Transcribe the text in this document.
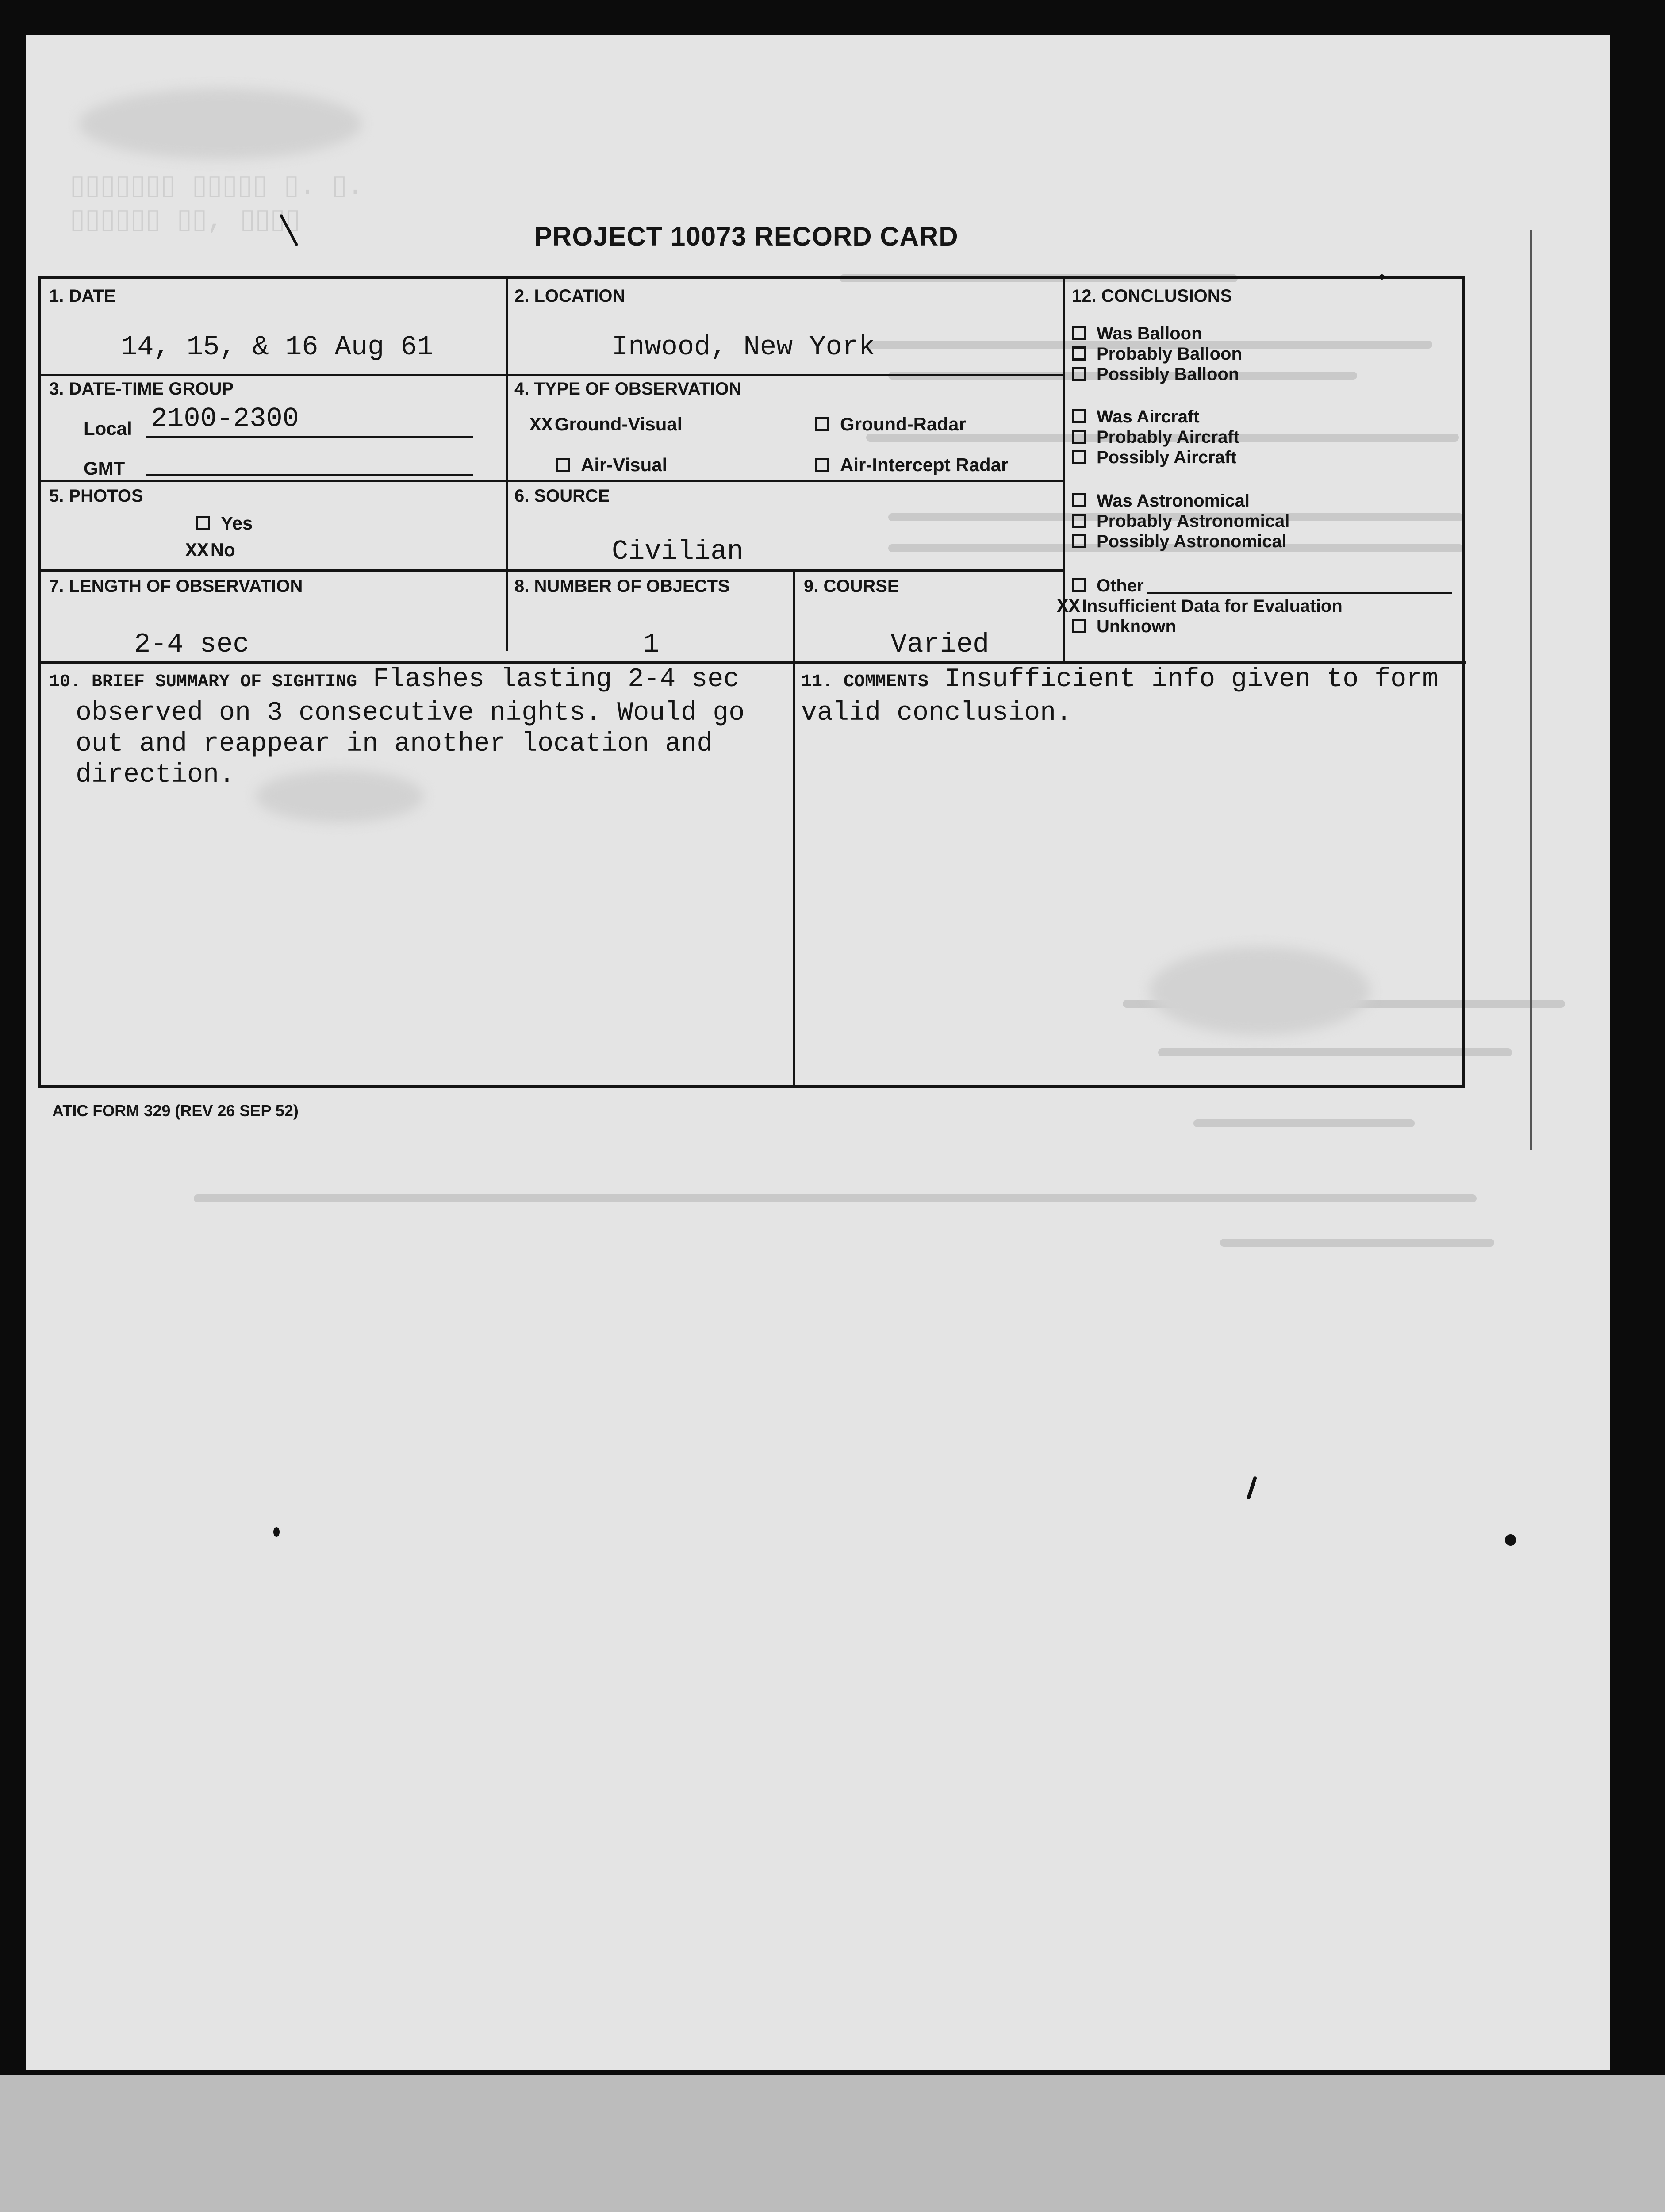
▯▯▯▯▯▯▯ ▯▯▯▯▯ ▯. ▯.
▯▯▯▯▯▯ ▯▯, ▯▯▯▯
PROJECT 10073 RECORD CARD
1. DATE
14, 15, & 16 Aug 61
2. LOCATION
Inwood, New York
3. DATE-TIME GROUP
Local 2100-2300
GMT
4. TYPE OF OBSERVATION
XXGround-Visual	Ground-Radar
Air-Visual	Air-Intercept Radar
5. PHOTOS
Yes
XXNo
6. SOURCE
Civilian
7. LENGTH OF OBSERVATION
2-4 sec
8. NUMBER OF OBJECTS
1
9. COURSE
Varied
12. CONCLUSIONS
Was Balloon
Probably Balloon
Possibly Balloon
Was Aircraft
Probably Aircraft
Possibly Aircraft
Was Astronomical
Probably Astronomical
Possibly Astronomical
Other
XX Insufficient Data for Evaluation
Unknown
10. BRIEF SUMMARY OF SIGHTING Flashes lasting 2-4 sec
observed on 3 consecutive nights. Would go
out and reappear in another location and
direction.
11. COMMENTS Insufficient info given to form
valid conclusion.
ATIC FORM 329 (REV 26 SEP 52)
